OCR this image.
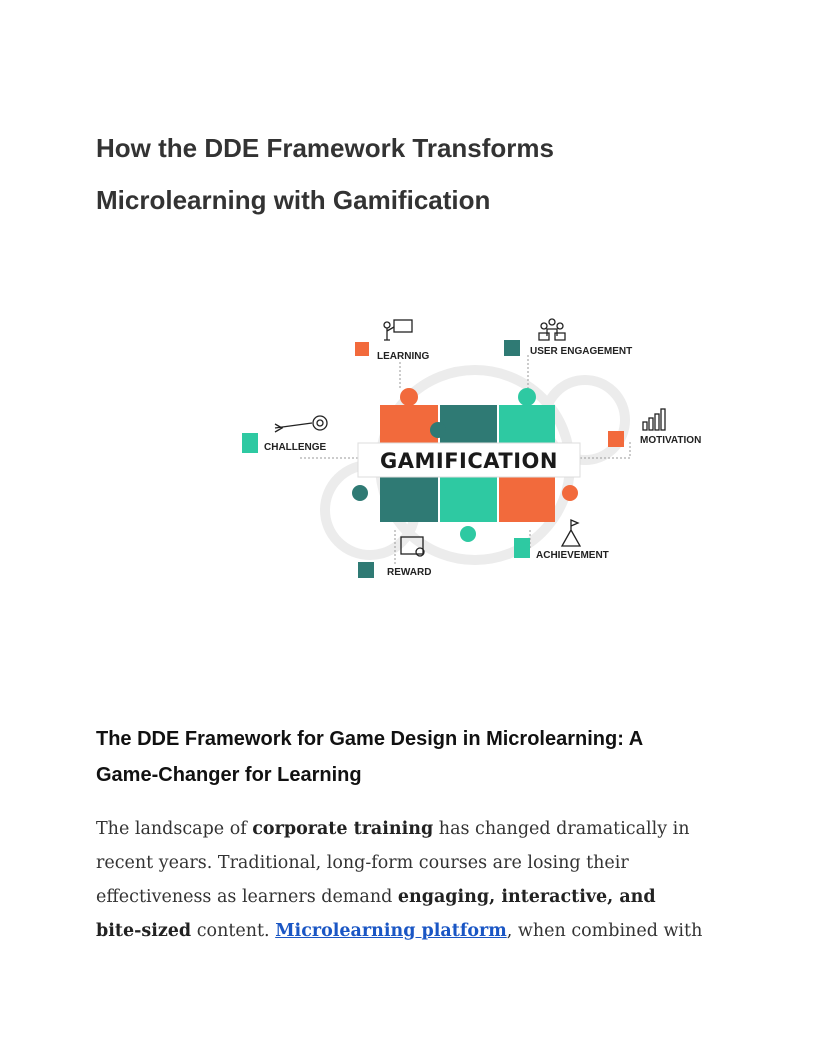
How the DDE Framework Transforms
Microlearning with Gamification
GAMIFICATION
LEARNING	USER ENGAGEMENT
CHALLENGE
MOTIVATION
REWARD
ACHIEVEMENT
The DDE Framework for Game Design in Microlearning: A
Game-Changer for Learning

The landscape of corporate training has changed dramatically in

recent years. Traditional, long-form courses are losing their

effectiveness as learners demand engaging, interactive, and

bite-sized content. Microlearning platform, when combined with
